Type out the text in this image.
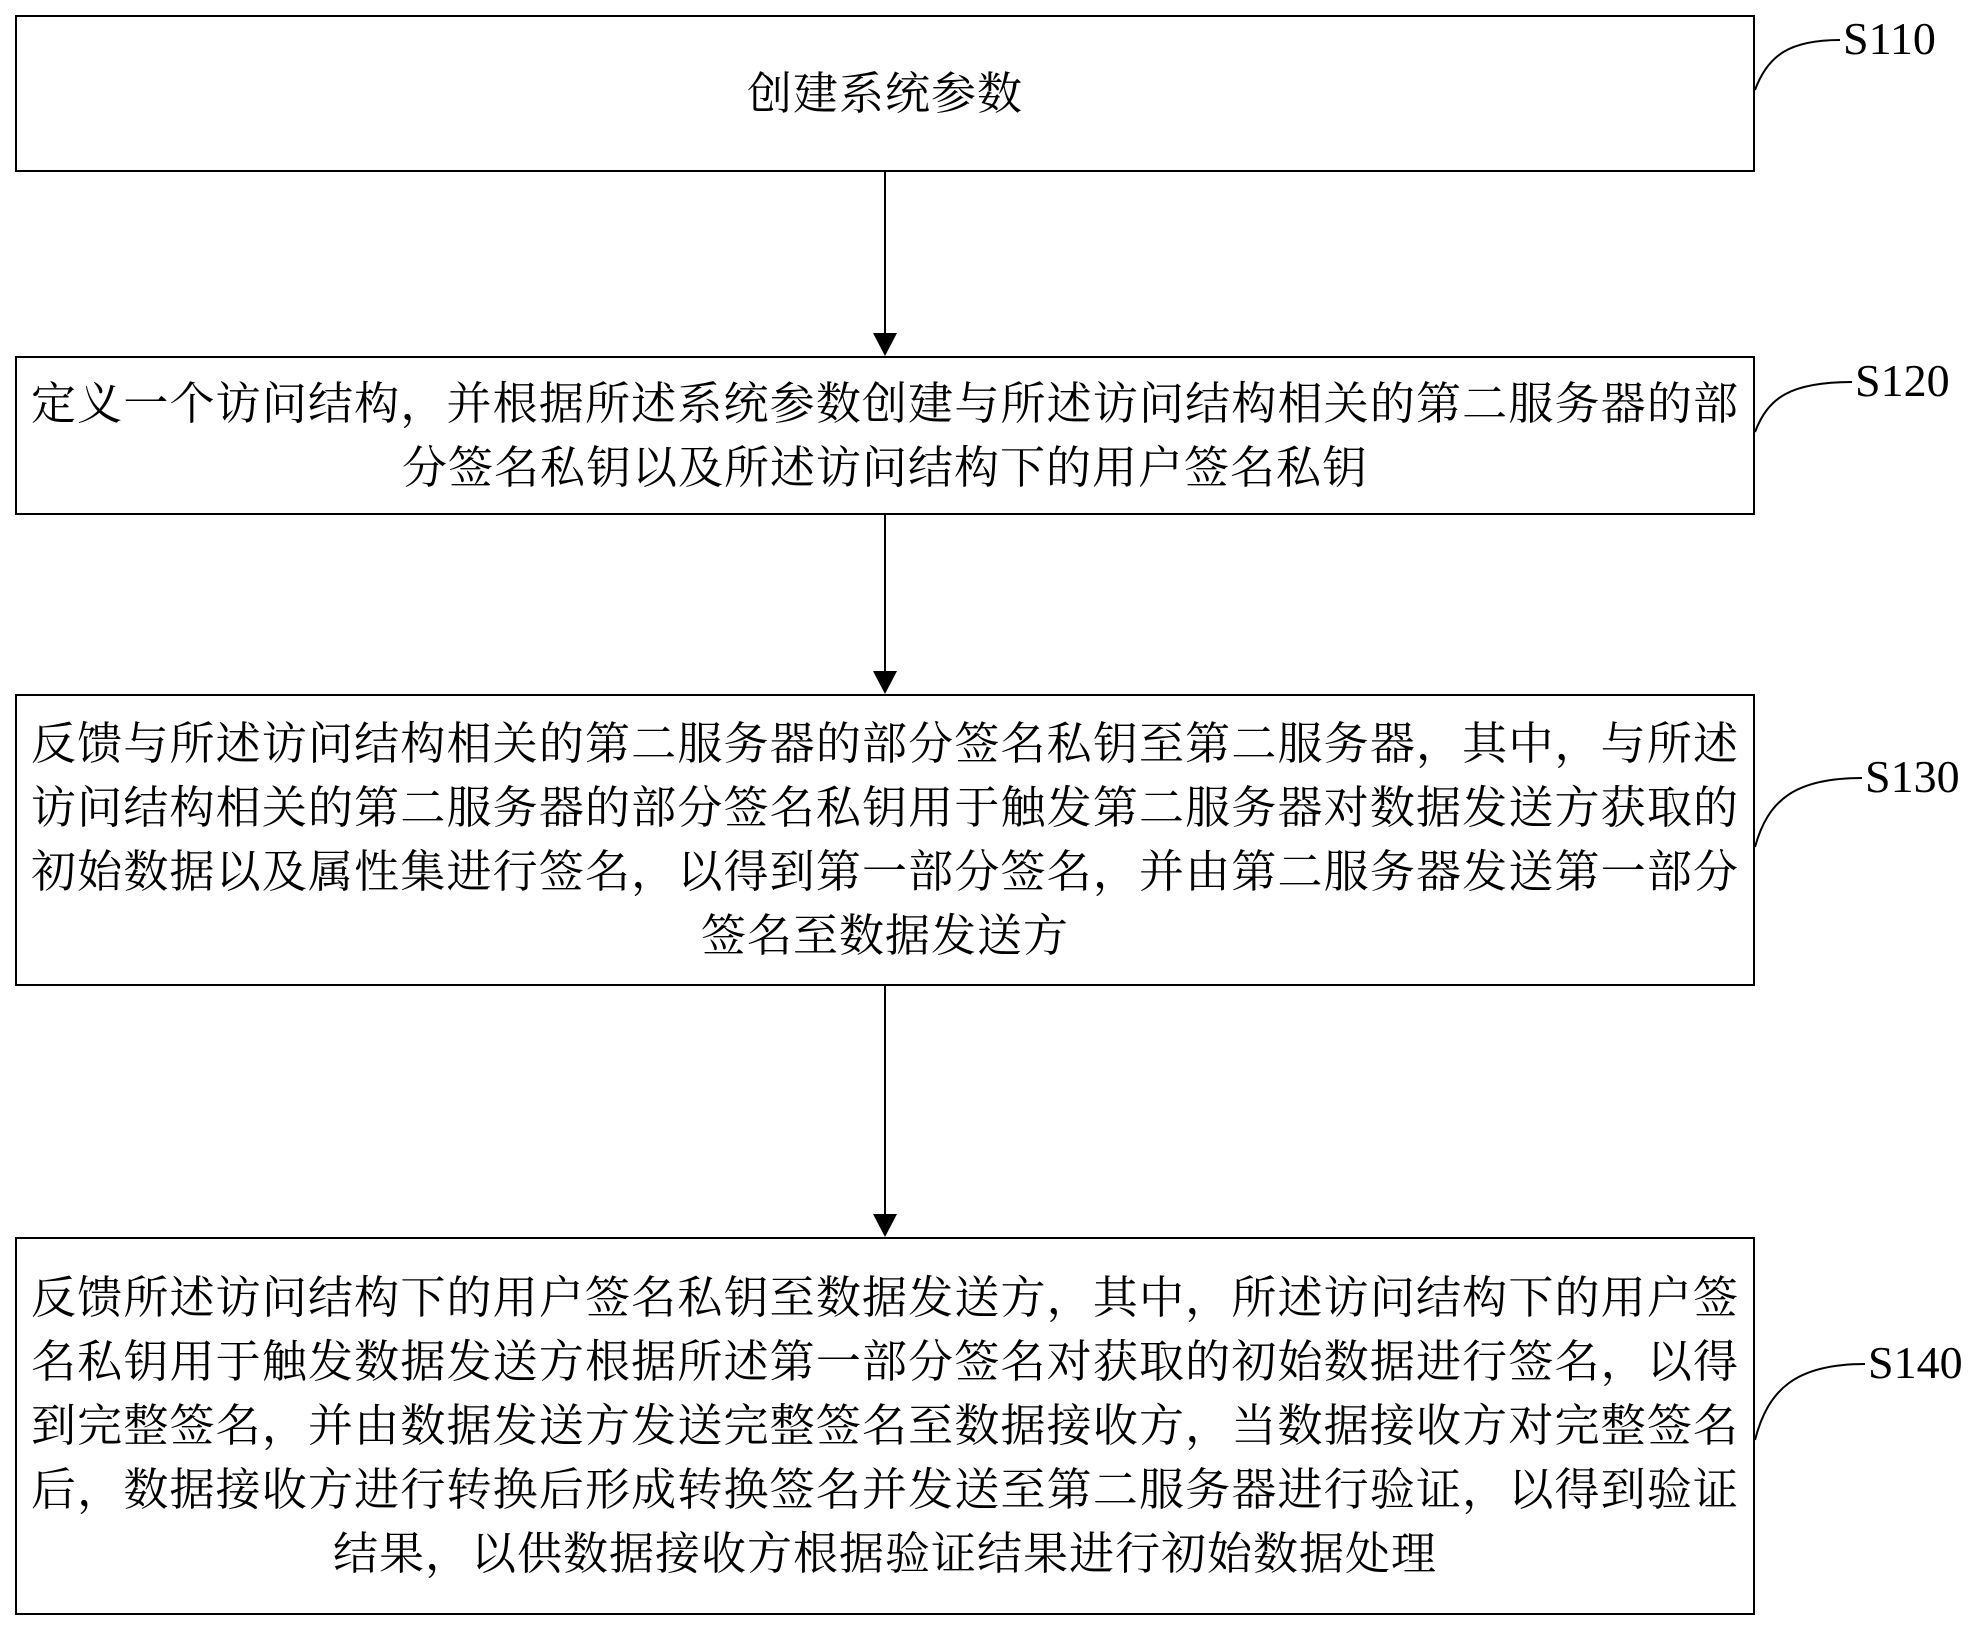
创建系统参数
定义一个访问结构，并根据所述系统参数创建与所述访问结构相关的第二服务器的部分签名私钥以及所述访问结构下的用户签名私钥
反馈与所述访问结构相关的第二服务器的部分签名私钥至第二服务器，其中，与所述访问结构相关的第二服务器的部分签名私钥用于触发第二服务器对数据发送方获取的初始数据以及属性集进行签名，以得到第一部分签名，并由第二服务器发送第一部分签名至数据发送方
反馈所述访问结构下的用户签名私钥至数据发送方，其中，所述访问结构下的用户签名私钥用于触发数据发送方根据所述第一部分签名对获取的初始数据进行签名，以得到完整签名，并由数据发送方发送完整签名至数据接收方，当数据接收方对完整签名后，数据接收方进行转换后形成转换签名并发送至第二服务器进行验证，以得到验证结果，以供数据接收方根据验证结果进行初始数据处理
S110
S120
S130
S140
